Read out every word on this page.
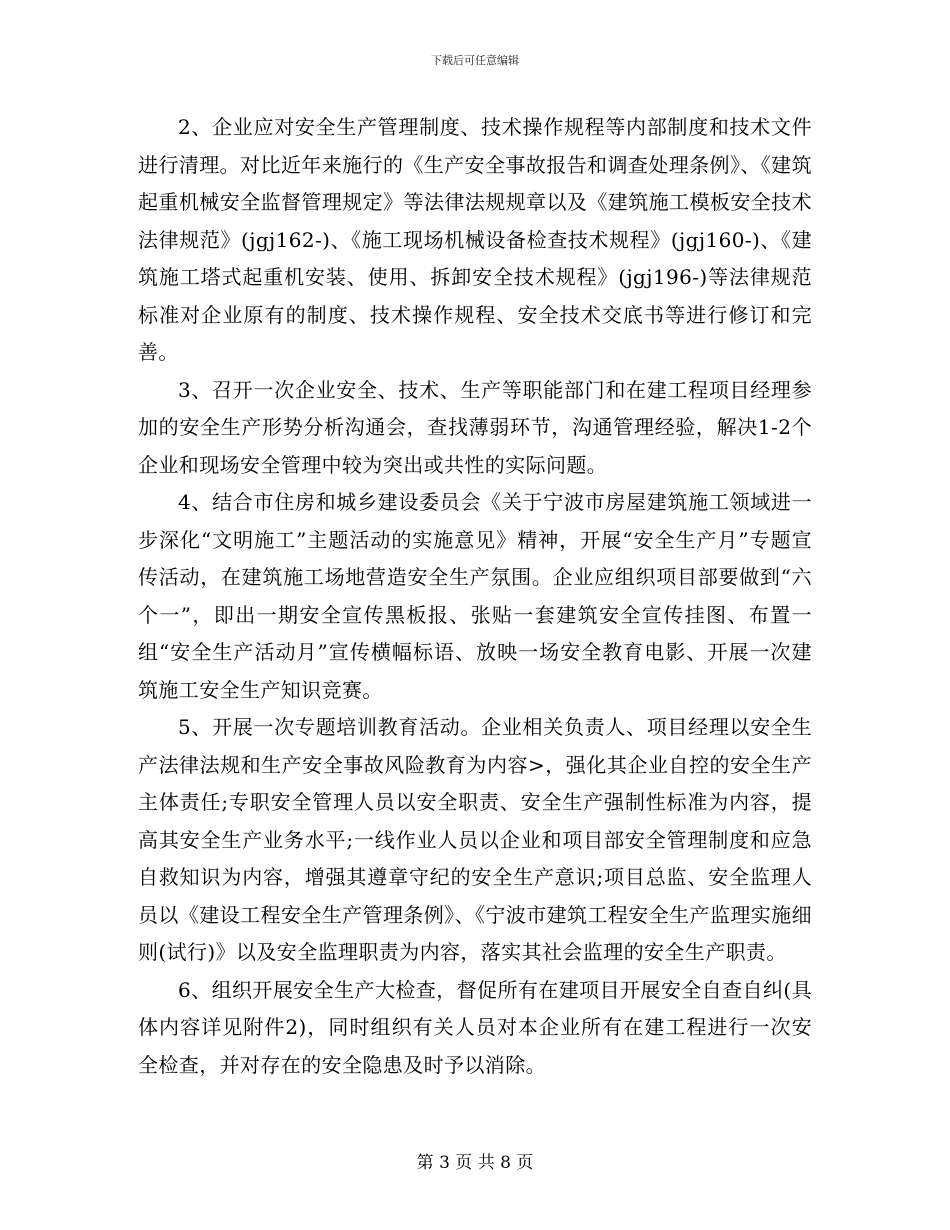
下载后可任意编辑

2、企业应对安全生产管理制度、技术操作规程等内部制度和技术文件进行清理。对比近年来施行的《生产安全事故报告和调查处理条例》、《建筑起重机械安全监督管理规定》等法律法规规章以及《建筑施工模板安全技术法律规范》(jgj162-)、《施工现场机械设备检查技术规程》(jgj160-)、《建筑施工塔式起重机安装、使用、拆卸安全技术规程》(jgj196-)等法律规范标准对企业原有的制度、技术操作规程、安全技术交底书等进行修订和完善。

3、召开一次企业安全、技术、生产等职能部门和在建工程项目经理参加的安全生产形势分析沟通会，查找薄弱环节，沟通管理经验，解决1-2个企业和现场安全管理中较为突出或共性的实际问题。

4、结合市住房和城乡建设委员会《关于宁波市房屋建筑施工领域进一步深化“文明施工”主题活动的实施意见》精神，开展“安全生产月”专题宣传活动，在建筑施工场地营造安全生产氛围。企业应组织项目部要做到“六个一”，即出一期安全宣传黑板报、张贴一套建筑安全宣传挂图、布置一组“安全生产活动月”宣传横幅标语、放映一场安全教育电影、开展一次建筑施工安全生产知识竞赛。

5、开展一次专题培训教育活动。企业相关负责人、项目经理以安全生产法律法规和生产安全事故风险教育为内容>，强化其企业自控的安全生产主体责任;专职安全管理人员以安全职责、安全生产强制性标准为内容，提高其安全生产业务水平;一线作业人员以企业和项目部安全管理制度和应急自救知识为内容，增强其遵章守纪的安全生产意识;项目总监、安全监理人员以《建设工程安全生产管理条例》、《宁波市建筑工程安全生产监理实施细则(试行)》以及安全监理职责为内容，落实其社会监理的安全生产职责。

6、组织开展安全生产大检查，督促所有在建项目开展安全自查自纠(具体内容详见附件2)，同时组织有关人员对本企业所有在建工程进行一次安全检查，并对存在的安全隐患及时予以消除。

第 3 页 共 8 页
